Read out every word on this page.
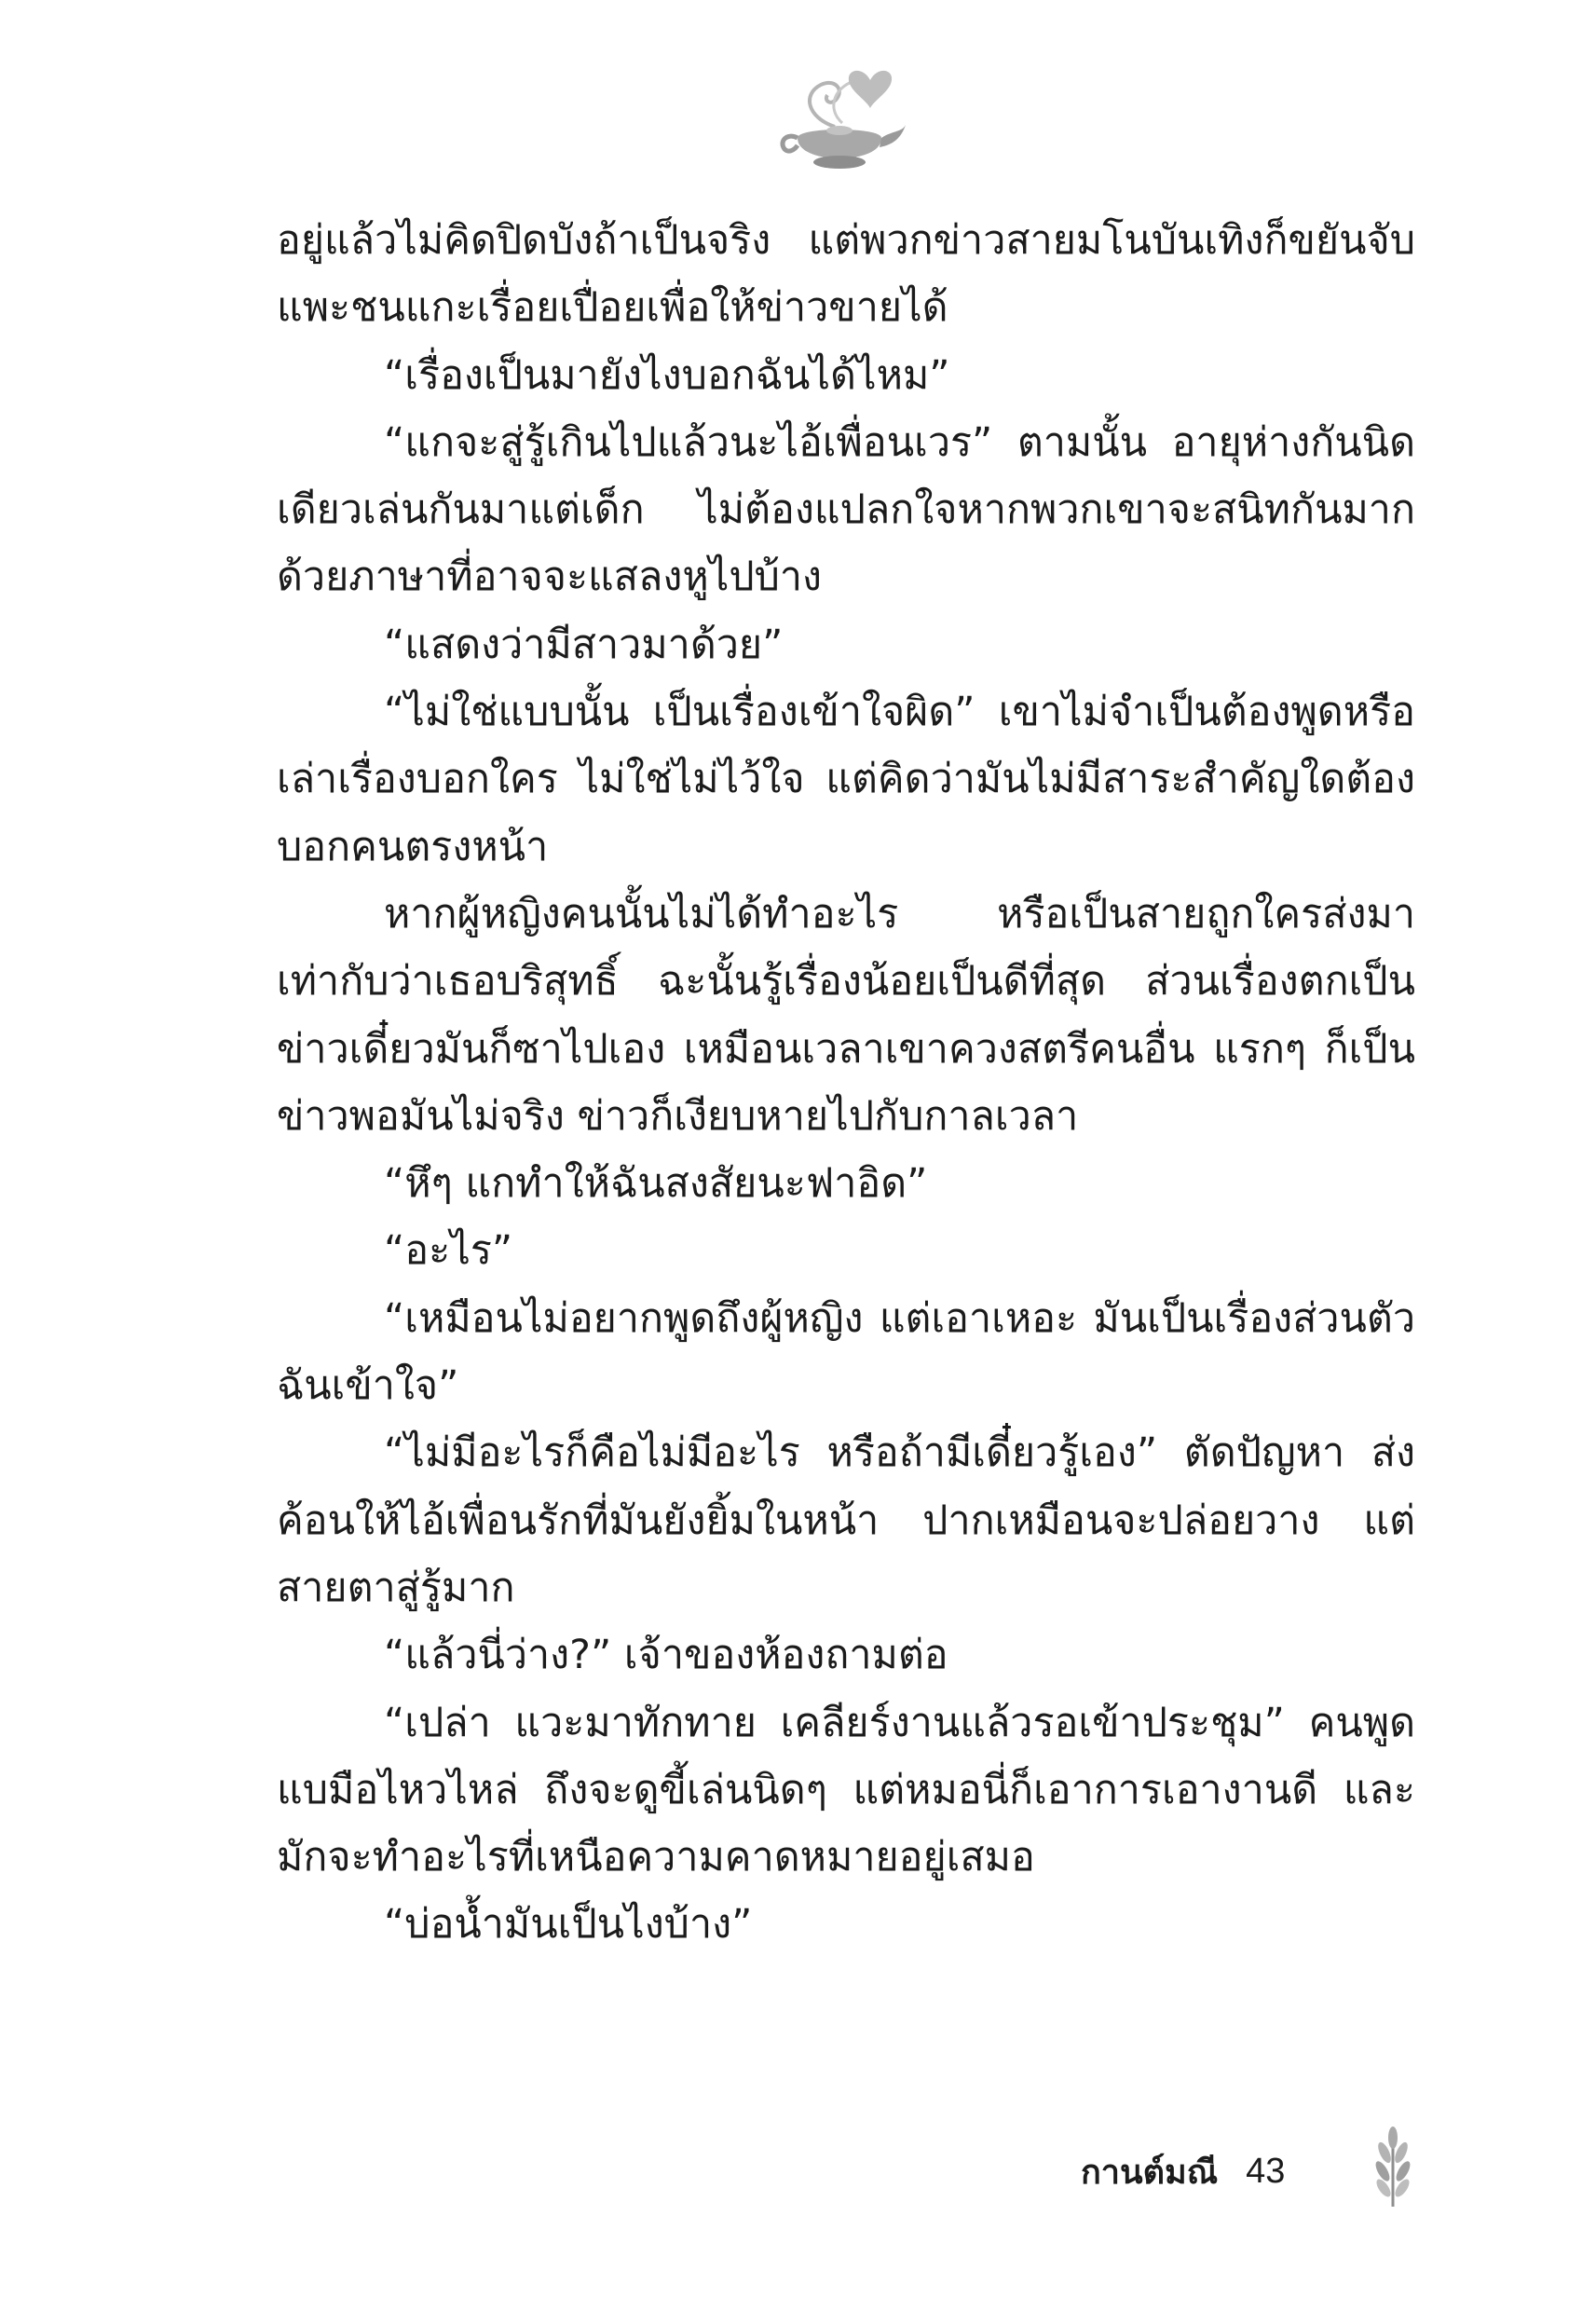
อยู่แล้วไม่คิดปิดบังถ้าเป็นจริง แต่พวกข่าวสายมโนบันเทิงก็ขยันจับแพะชนแกะเรื่อยเปื่อยเพื่อให้ข่าวขายได้

“เรื่องเป็นมายังไงบอกฉันได้ไหม”

“แกจะสู่รู้เกินไปแล้วนะไอ้เพื่อนเวร” ตามนั้น อายุห่างกันนิดเดียวเล่นกันมาแต่เด็ก ไม่ต้องแปลกใจหากพวกเขาจะสนิทกันมากด้วยภาษาที่อาจจะแสลงหูไปบ้าง

“แสดงว่ามีสาวมาด้วย”

“ไม่ใช่แบบนั้น เป็นเรื่องเข้าใจผิด” เขาไม่จำเป็นต้องพูดหรือเล่าเรื่องบอกใคร ไม่ใช่ไม่ไว้ใจ แต่คิดว่ามันไม่มีสาระสำคัญใดต้องบอกคนตรงหน้า

หากผู้หญิงคนนั้นไม่ได้ทำอะไร หรือเป็นสายถูกใครส่งมาเท่ากับว่าเธอบริสุทธิ์ ฉะนั้นรู้เรื่องน้อยเป็นดีที่สุด ส่วนเรื่องตกเป็นข่าวเดี๋ยวมันก็ซาไปเอง เหมือนเวลาเขาควงสตรีคนอื่น แรกๆ ก็เป็นข่าวพอมันไม่จริง ข่าวก็เงียบหายไปกับกาลเวลา

“หึๆ แกทำให้ฉันสงสัยนะฟาอิด”

“อะไร”

“เหมือนไม่อยากพูดถึงผู้หญิง แต่เอาเหอะ มันเป็นเรื่องส่วนตัวฉันเข้าใจ”

“ไม่มีอะไรก็คือไม่มีอะไร หรือถ้ามีเดี๋ยวรู้เอง” ตัดปัญหา ส่งค้อนให้ไอ้เพื่อนรักที่มันยังยิ้มในหน้า ปากเหมือนจะปล่อยวาง แต่สายตาสู่รู้มาก

“แล้วนี่ว่าง?” เจ้าของห้องถามต่อ

“เปล่า แวะมาทักทาย เคลียร์งานแล้วรอเข้าประชุม” คนพูดแบมือไหวไหล่ ถึงจะดูขี้เล่นนิดๆ แต่หมอนี่ก็เอาการเอางานดี และมักจะทำอะไรที่เหนือความคาดหมายอยู่เสมอ

“บ่อน้ำมันเป็นไงบ้าง”

กานต์มณี 43
